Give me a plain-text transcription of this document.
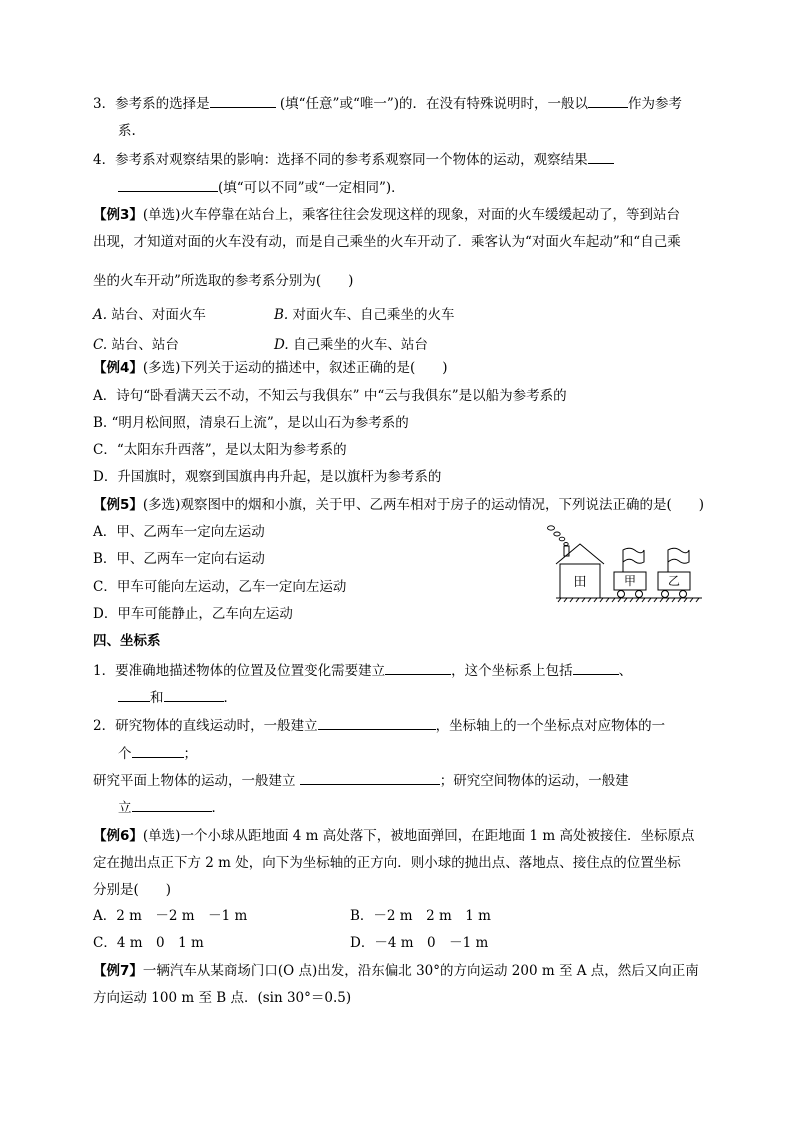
3．参考系的选择是	(填“任意”或“唯一”)的．在没有特殊说明时，一般以	作为参考
系.
4．参考系对观察结果的影响：选择不同的参考系观察同一个物体的运动，观察结果
(填“可以不同”或“一定相同”)．
【例3】(单选)火车停靠在站台上，乘客往往会发现这样的现象，对面的火车缓缓起动了，等到站台
出现，才知道对面的火车没有动，而是自己乘坐的火车开动了．乘客认为“对面火车起动”和“自己乘
坐的火车开动”所选取的参考系分别为(　　)
A. 站台、对面火车	B. 对面火车、自己乘坐的火车
C. 站台、站台	D. 自己乘坐的火车、站台
【例4】(多选)下列关于运动的描述中，叙述正确的是(　　)
A．诗句“卧看满天云不动，不知云与我俱东” 中“云与我俱东”是以船为参考系的
B. “明月松间照，清泉石上流”，是以山石为参考系的
C．“太阳东升西落”，是以太阳为参考系的
D．升国旗时，观察到国旗冉冉升起，是以旗杆为参考系的
【例5】(多选)观察图中的烟和小旗，关于甲、乙两车相对于房子的运动情况，下列说法正确的是(　　)
A．甲、乙两车一定向左运动
B．甲、乙两车一定向右运动
C．甲车可能向左运动，乙车一定向左运动
D．甲车可能静止，乙车向左运动
田	甲	乙
四、坐标系
1．要准确地描述物体的位置及位置变化需要建立	，这个坐标系上包括	、
和	．
2．研究物体的直线运动时，一般建立	，坐标轴上的一个坐标点对应物体的一
个	；
研究平面上物体的运动，一般建立	；研究空间物体的运动，一般建
立	．
【例6】(单选)一个小球从距地面 4 m 高处落下，被地面弹回，在距地面 1 m 高处被接住．坐标原点
定在抛出点正下方 2 m 处，向下为坐标轴的正方向．则小球的抛出点、落地点、接住点的位置坐标
分别是(　　)
A．2 m　－2 m　－1 m	B．－2 m　2 m　1 m
C．4 m　0　1 m	D．－4 m　0　－1 m
【例7】一辆汽车从某商场门口(O 点)出发，沿东偏北 30°的方向运动 200 m 至 A 点，然后又向正南
方向运动 100 m 至 B 点．(sin 30°＝0.5)
